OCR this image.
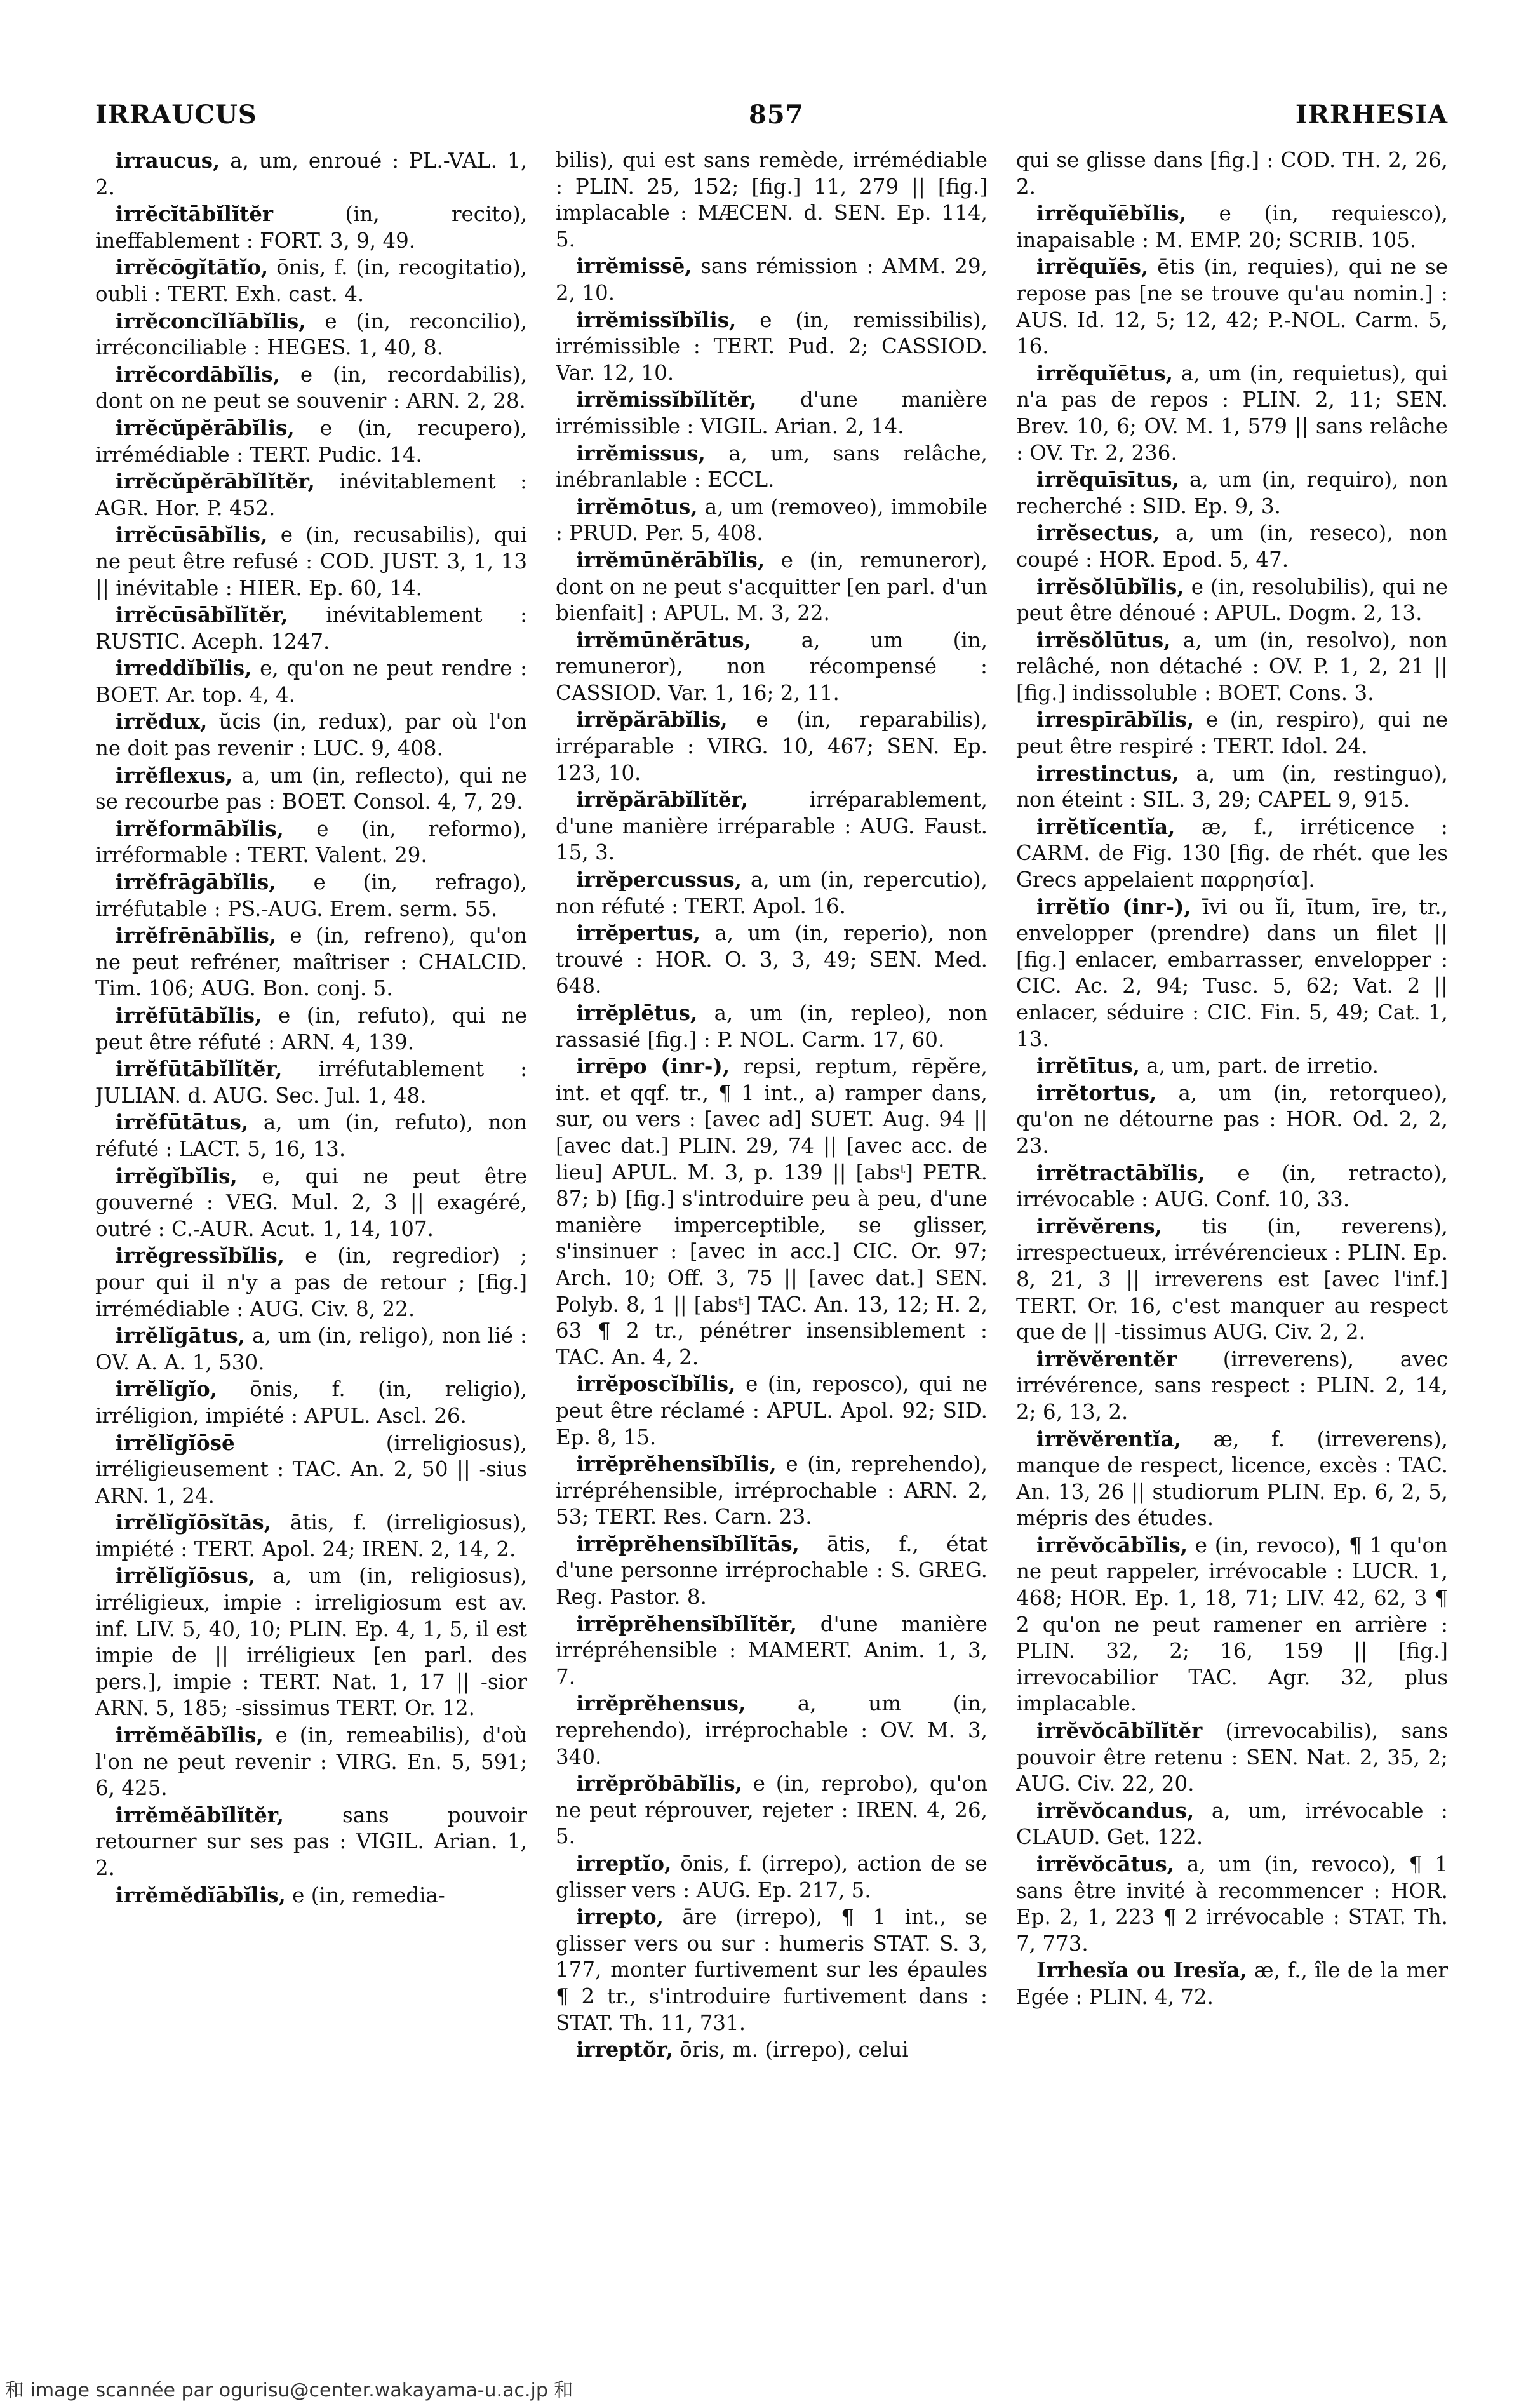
IRRAUCUS	857	IRRHESIA

irraucus, a, um, enroué : PL.-VAL. 1, 2.

irrĕcĭtābĭlĭtĕr (in, recito), ineffablement : FORT. 3, 9, 49.

irrĕcōgĭtātĭo, ōnis, f. (in, recogitatio), oubli : TERT. Exh. cast. 4.

irrĕconcĭlĭābĭlis, e (in, reconcilio), irréconciliable : HEGES. 1, 40, 8.

irrĕcordābĭlis, e (in, recordabilis), dont on ne peut se souvenir : ARN. 2, 28.

irrĕcŭpĕrābĭlis, e (in, recupero), irrémédiable : TERT. Pudic. 14.

irrĕcŭpĕrābĭlĭtĕr, inévitablement : AGR. Hor. P. 452.

irrĕcūsābĭlis, e (in, recusabilis), qui ne peut être refusé : COD. JUST. 3, 1, 13 || inévitable : HIER. Ep. 60, 14.

irrĕcūsābĭlĭtĕr, inévitablement : RUSTIC. Aceph. 1247.

irreddĭbĭlis, e, qu'on ne peut rendre : BOET. Ar. top. 4, 4.

irrĕdux, ŭcis (in, redux), par où l'on ne doit pas revenir : LUC. 9, 408.

irrĕflexus, a, um (in, reflecto), qui ne se recourbe pas : BOET. Consol. 4, 7, 29.

irrĕformābĭlis, e (in, reformo), irréformable : TERT. Valent. 29.

irrĕfrāgābĭlis, e (in, refrago), irréfutable : PS.-AUG. Erem. serm. 55.

irrĕfrēnābĭlis, e (in, refreno), qu'on ne peut refréner, maîtriser : CHALCID. Tim. 106; AUG. Bon. conj. 5.

irrĕfūtābĭlis, e (in, refuto), qui ne peut être réfuté : ARN. 4, 139.

irrĕfūtābĭlĭtĕr, irréfutablement : JULIAN. d. AUG. Sec. Jul. 1, 48.

irrĕfūtātus, a, um (in, refuto), non réfuté : LACT. 5, 16, 13.

irrĕgĭbĭlis, e, qui ne peut être gouverné : VEG. Mul. 2, 3 || exagéré, outré : C.-AUR. Acut. 1, 14, 107.

irrĕgressĭbĭlis, e (in, regredior) ; pour qui il n'y a pas de retour ; [fig.] irrémédiable : AUG. Civ. 8, 22.

irrĕlĭgātus, a, um (in, religo), non lié : OV. A. A. 1, 530.

irrĕlĭgĭo, ōnis, f. (in, religio), irréligion, impiété : APUL. Ascl. 26.

irrĕlĭgĭōsē (irreligiosus), irréligieusement : TAC. An. 2, 50 || -sius ARN. 1, 24.

irrĕlĭgĭōsĭtās, ātis, f. (irreligiosus), impiété : TERT. Apol. 24; IREN. 2, 14, 2.

irrĕlĭgĭōsus, a, um (in, religiosus), irréligieux, impie : irreligiosum est av. inf. LIV. 5, 40, 10; PLIN. Ep. 4, 1, 5, il est impie de || irréligieux [en parl. des pers.], impie : TERT. Nat. 1, 17 || -sior ARN. 5, 185; -sissimus TERT. Or. 12.

irrĕmĕābĭlis, e (in, remeabilis), d'où l'on ne peut revenir : VIRG. En. 5, 591; 6, 425.

irrĕmĕābĭlĭtĕr, sans pouvoir retourner sur ses pas : VIGIL. Arian. 1, 2.

irrĕmĕdĭābĭlis, e (in, remedia-

bilis), qui est sans remède, irrémédiable : PLIN. 25, 152; [fig.] 11, 279 || [fig.] implacable : MÆCEN. d. SEN. Ep. 114, 5.

irrĕmissē, sans rémission : AMM. 29, 2, 10.

irrĕmissĭbĭlis, e (in, remissibilis), irrémissible : TERT. Pud. 2; CASSIOD. Var. 12, 10.

irrĕmissĭbĭlĭtĕr, d'une manière irrémissible : VIGIL. Arian. 2, 14.

irrĕmissus, a, um, sans relâche, inébranlable : ECCL.

irrĕmōtus, a, um (removeo), immobile : PRUD. Per. 5, 408.

irrĕmūnĕrābĭlis, e (in, remuneror), dont on ne peut s'acquitter [en parl. d'un bienfait] : APUL. M. 3, 22.

irrĕmūnĕrātus, a, um (in, remuneror), non récompensé : CASSIOD. Var. 1, 16; 2, 11.

irrĕpărābĭlis, e (in, reparabilis), irréparable : VIRG. 10, 467; SEN. Ep. 123, 10.

irrĕpărābĭlĭtĕr, irréparablement, d'une manière irréparable : AUG. Faust. 15, 3.

irrĕpercussus, a, um (in, repercutio), non réfuté : TERT. Apol. 16.

irrĕpertus, a, um (in, reperio), non trouvé : HOR. O. 3, 3, 49; SEN. Med. 648.

irrĕplētus, a, um (in, repleo), non rassasié [fig.] : P. NOL. Carm. 17, 60.

irrēpo (inr-), repsi, reptum, rēpĕre, int. et qqf. tr., ¶ 1 int., a) ramper dans, sur, ou vers : [avec ad] SUET. Aug. 94 || [avec dat.] PLIN. 29, 74 || [avec acc. de lieu] APUL. M. 3, p. 139 || [absᵗ] PETR. 87; b) [fig.] s'introduire peu à peu, d'une manière imperceptible, se glisser, s'insinuer : [avec in acc.] CIC. Or. 97; Arch. 10; Off. 3, 75 || [avec dat.] SEN. Polyb. 8, 1 || [absᵗ] TAC. An. 13, 12; H. 2, 63 ¶ 2 tr., pénétrer insensiblement : TAC. An. 4, 2.

irrĕposcĭbĭlis, e (in, reposco), qui ne peut être réclamé : APUL. Apol. 92; SID. Ep. 8, 15.

irrĕprĕhensĭbĭlis, e (in, reprehendo), irrépréhensible, irréprochable : ARN. 2, 53; TERT. Res. Carn. 23.

irrĕprĕhensĭbĭlĭtās, ātis, f., état d'une personne irréprochable : S. GREG. Reg. Pastor. 8.

irrĕprĕhensĭbĭlĭtĕr, d'une manière irrépréhensible : MAMERT. Anim. 1, 3, 7.

irrĕprĕhensus, a, um (in, reprehendo), irréprochable : OV. M. 3, 340.

irrĕprŏbābĭlis, e (in, reprobo), qu'on ne peut réprouver, rejeter : IREN. 4, 26, 5.

irreptĭo, ōnis, f. (irrepo), action de se glisser vers : AUG. Ep. 217, 5.

irrepto, āre (irrepo), ¶ 1 int., se glisser vers ou sur : humeris STAT. S. 3, 177, monter furtivement sur les épaules ¶ 2 tr., s'introduire furtivement dans : STAT. Th. 11, 731.

irreptŏr, ōris, m. (irrepo), celui

qui se glisse dans [fig.] : COD. TH. 2, 26, 2.

irrĕquĭēbĭlis, e (in, requiesco), inapaisable : M. EMP. 20; SCRIB. 105.

irrĕquĭēs, ētis (in, requies), qui ne se repose pas [ne se trouve qu'au nomin.] : AUS. Id. 12, 5; 12, 42; P.-NOL. Carm. 5, 16.

irrĕquĭētus, a, um (in, requietus), qui n'a pas de repos : PLIN. 2, 11; SEN. Brev. 10, 6; OV. M. 1, 579 || sans relâche : OV. Tr. 2, 236.

irrĕquīsītus, a, um (in, requiro), non recherché : SID. Ep. 9, 3.

irrĕsectus, a, um (in, reseco), non coupé : HOR. Epod. 5, 47.

irrĕsŏlūbĭlis, e (in, resolubilis), qui ne peut être dénoué : APUL. Dogm. 2, 13.

irrĕsŏlūtus, a, um (in, resolvo), non relâché, non détaché : OV. P. 1, 2, 21 || [fig.] indissoluble : BOET. Cons. 3.

irrespīrābĭlis, e (in, respiro), qui ne peut être respiré : TERT. Idol. 24.

irrestinctus, a, um (in, restinguo), non éteint : SIL. 3, 29; CAPEL 9, 915.

irrĕtĭcentĭa, æ, f., irréticence : CARM. de Fig. 130 [fig. de rhét. que les Grecs appelaient παρρησία].

irrĕtĭo (inr-), īvi ou ĭi, ītum, īre, tr., envelopper (prendre) dans un filet || [fig.] enlacer, embarrasser, envelopper : CIC. Ac. 2, 94; Tusc. 5, 62; Vat. 2 || enlacer, séduire : CIC. Fin. 5, 49; Cat. 1, 13.

irrĕtītus, a, um, part. de irretio.

irrĕtortus, a, um (in, retorqueo), qu'on ne détourne pas : HOR. Od. 2, 2, 23.

irrĕtractābĭlis, e (in, retracto), irrévocable : AUG. Conf. 10, 33.

irrĕvĕrens, tis (in, reverens), irrespectueux, irrévérencieux : PLIN. Ep. 8, 21, 3 || irreverens est [avec l'inf.] TERT. Or. 16, c'est manquer au respect que de || -tissimus AUG. Civ. 2, 2.

irrĕvĕrentĕr (irreverens), avec irrévérence, sans respect : PLIN. 2, 14, 2; 6, 13, 2.

irrĕvĕrentĭa, æ, f. (irreverens), manque de respect, licence, excès : TAC. An. 13, 26 || studiorum PLIN. Ep. 6, 2, 5, mépris des études.

irrĕvŏcābĭlis, e (in, revoco), ¶ 1 qu'on ne peut rappeler, irrévocable : LUCR. 1, 468; HOR. Ep. 1, 18, 71; LIV. 42, 62, 3 ¶ 2 qu'on ne peut ramener en arrière : PLIN. 32, 2; 16, 159 || [fig.] irrevocabilior TAC. Agr. 32, plus implacable.

irrĕvŏcābĭlĭtĕr (irrevocabilis), sans pouvoir être retenu : SEN. Nat. 2, 35, 2; AUG. Civ. 22, 20.

irrĕvŏcandus, a, um, irrévocable : CLAUD. Get. 122.

irrĕvŏcātus, a, um (in, revoco), ¶ 1 sans être invité à recommencer : HOR. Ep. 2, 1, 223 ¶ 2 irrévocable : STAT. Th. 7, 773.

Irrhesĭa ou Iresĭa, æ, f., île de la mer Egée : PLIN. 4, 72.

和 image scannée par ogurisu@center.wakayama-u.ac.jp 和
